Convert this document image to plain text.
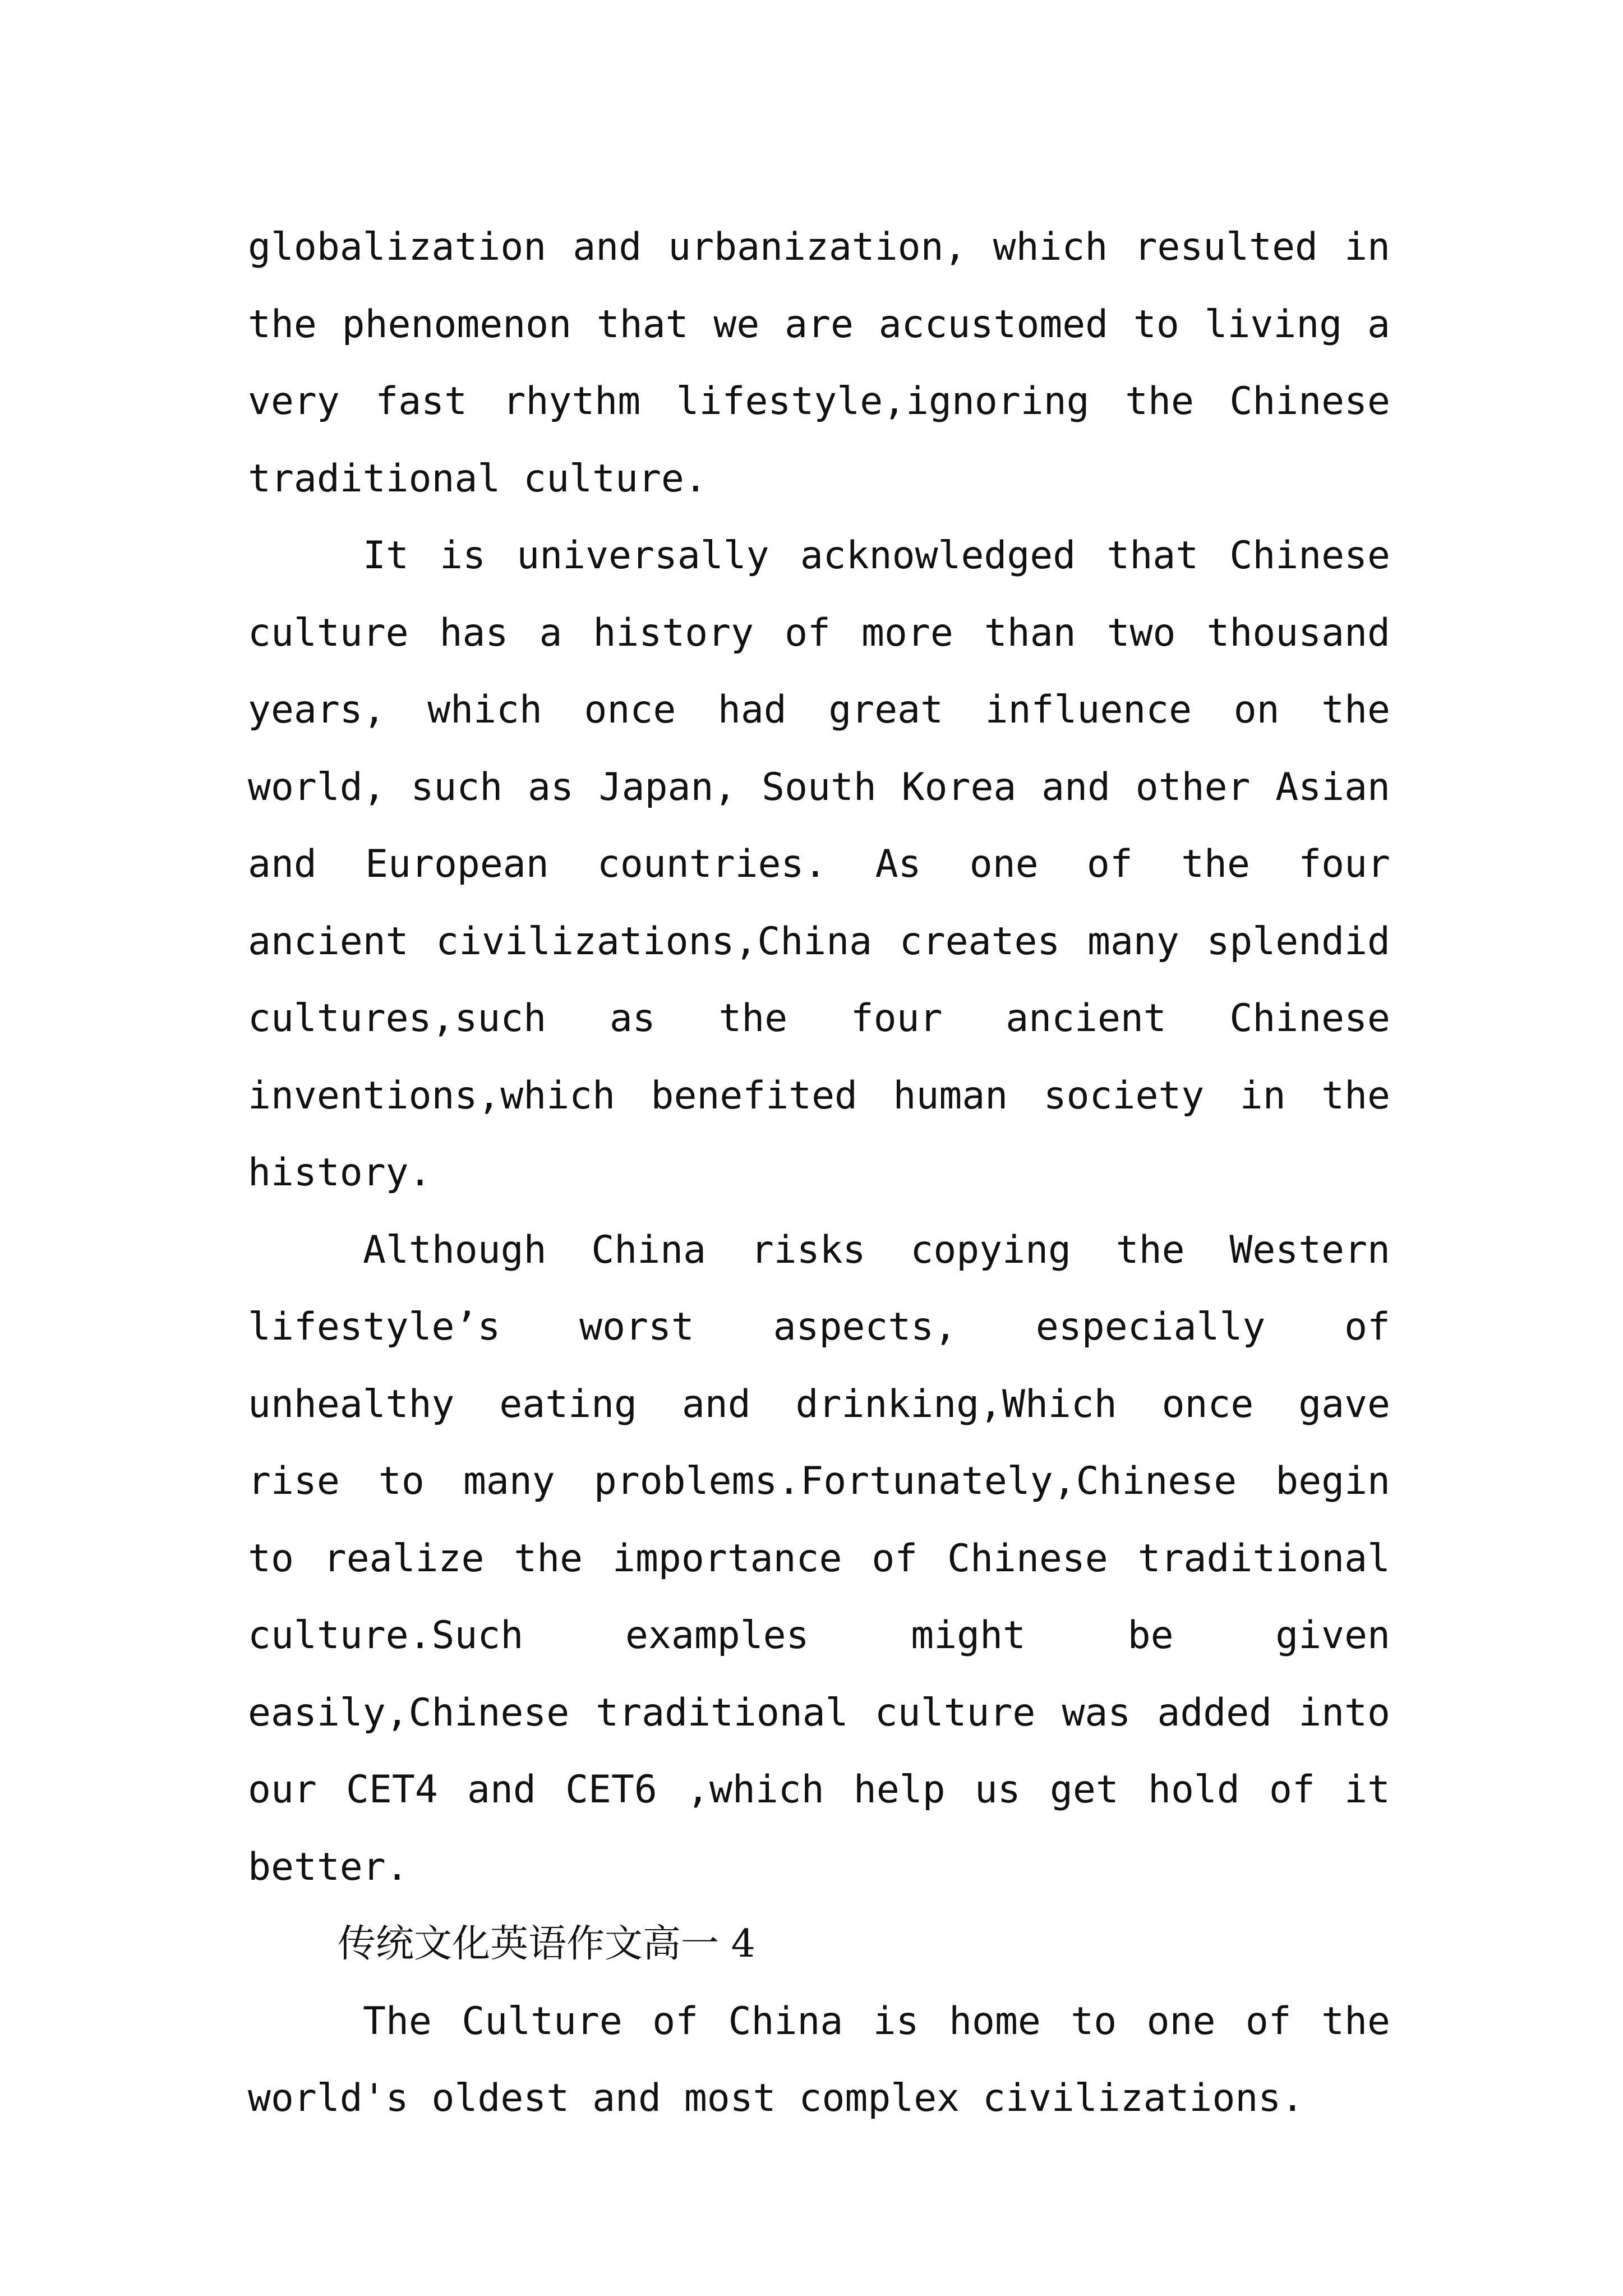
globalization and urbanization, which resulted in the phenomenon that we are accustomed to living a very fast rhythm lifestyle,ignoring the Chinese traditional culture.

It is universally acknowledged that Chinese culture has a history of more than two thousand years, which once had great influence on the world, such as Japan, South Korea and other Asian and European countries. As one of the four ancient civilizations,China creates many splendid cultures,such as the four ancient Chinese inventions,which benefited human society in the history.

Although China risks copying the Western lifestyle’s worst aspects, especially of unhealthy eating and drinking,Which once gave rise to many problems.Fortunately,Chinese begin to realize the importance of Chinese traditional culture.Such examples might be given easily,Chinese traditional culture was added into our CET4 and CET6 ,which help us get hold of it better.

传统文化英语作文高一 4

The Culture of China is home to one of the world's oldest and most complex civilizations.
